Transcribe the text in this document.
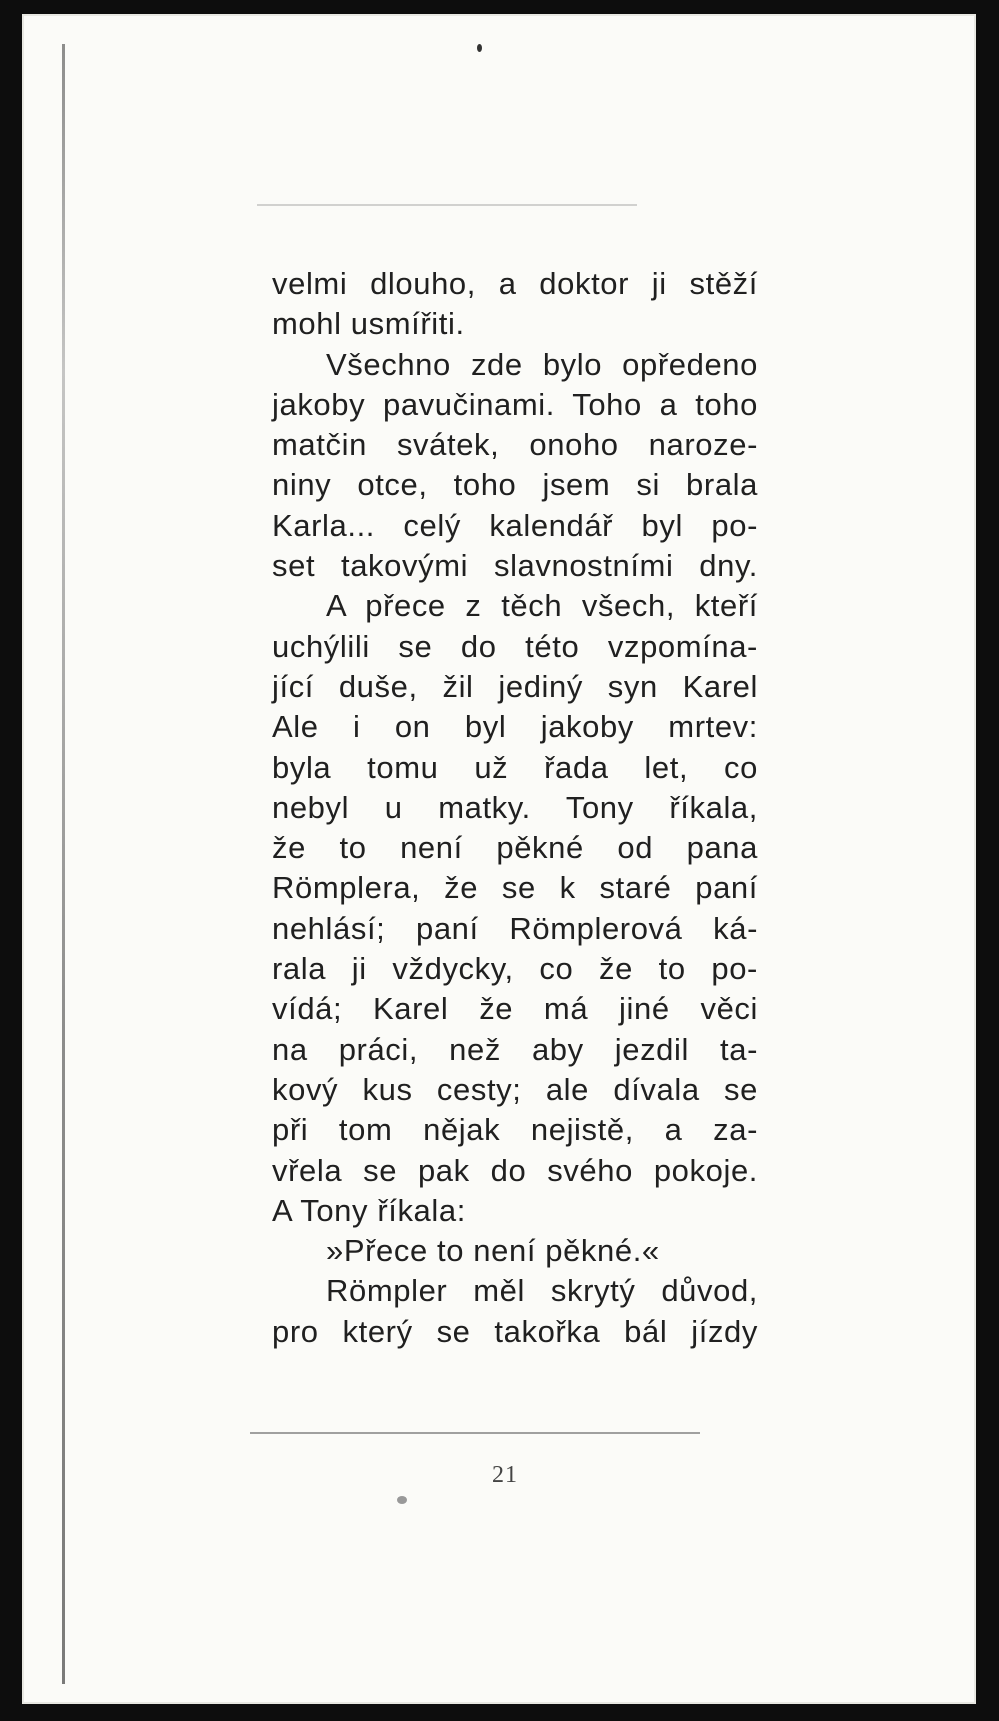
velmi dlouho, a doktor ji stěží
mohl usmířiti.
Všechno zde bylo opředeno
jakoby pavučinami. Toho a toho
matčin svátek, onoho naroze-
niny otce, toho jsem si brala
Karla... celý kalendář byl po-
set takovými slavnostními dny.
A přece z těch všech, kteří
uchýlili se do této vzpomína-
jící duše, žil jediný syn Karel
Ale i on byl jakoby mrtev:
byla tomu už řada let, co
nebyl u matky. Tony říkala,
že to není pěkné od pana
Römplera, že se k staré paní
nehlásí; paní Römplerová ká-
rala ji vždycky, co že to po-
vídá; Karel že má jiné věci
na práci, než aby jezdil ta-
kový kus cesty; ale dívala se
při tom nějak nejistě, a za-
vřela se pak do svého pokoje.
A Tony říkala:
»Přece to není pěkné.«
Römpler měl skrytý důvod,
pro který se takořka bál jízdy
21
